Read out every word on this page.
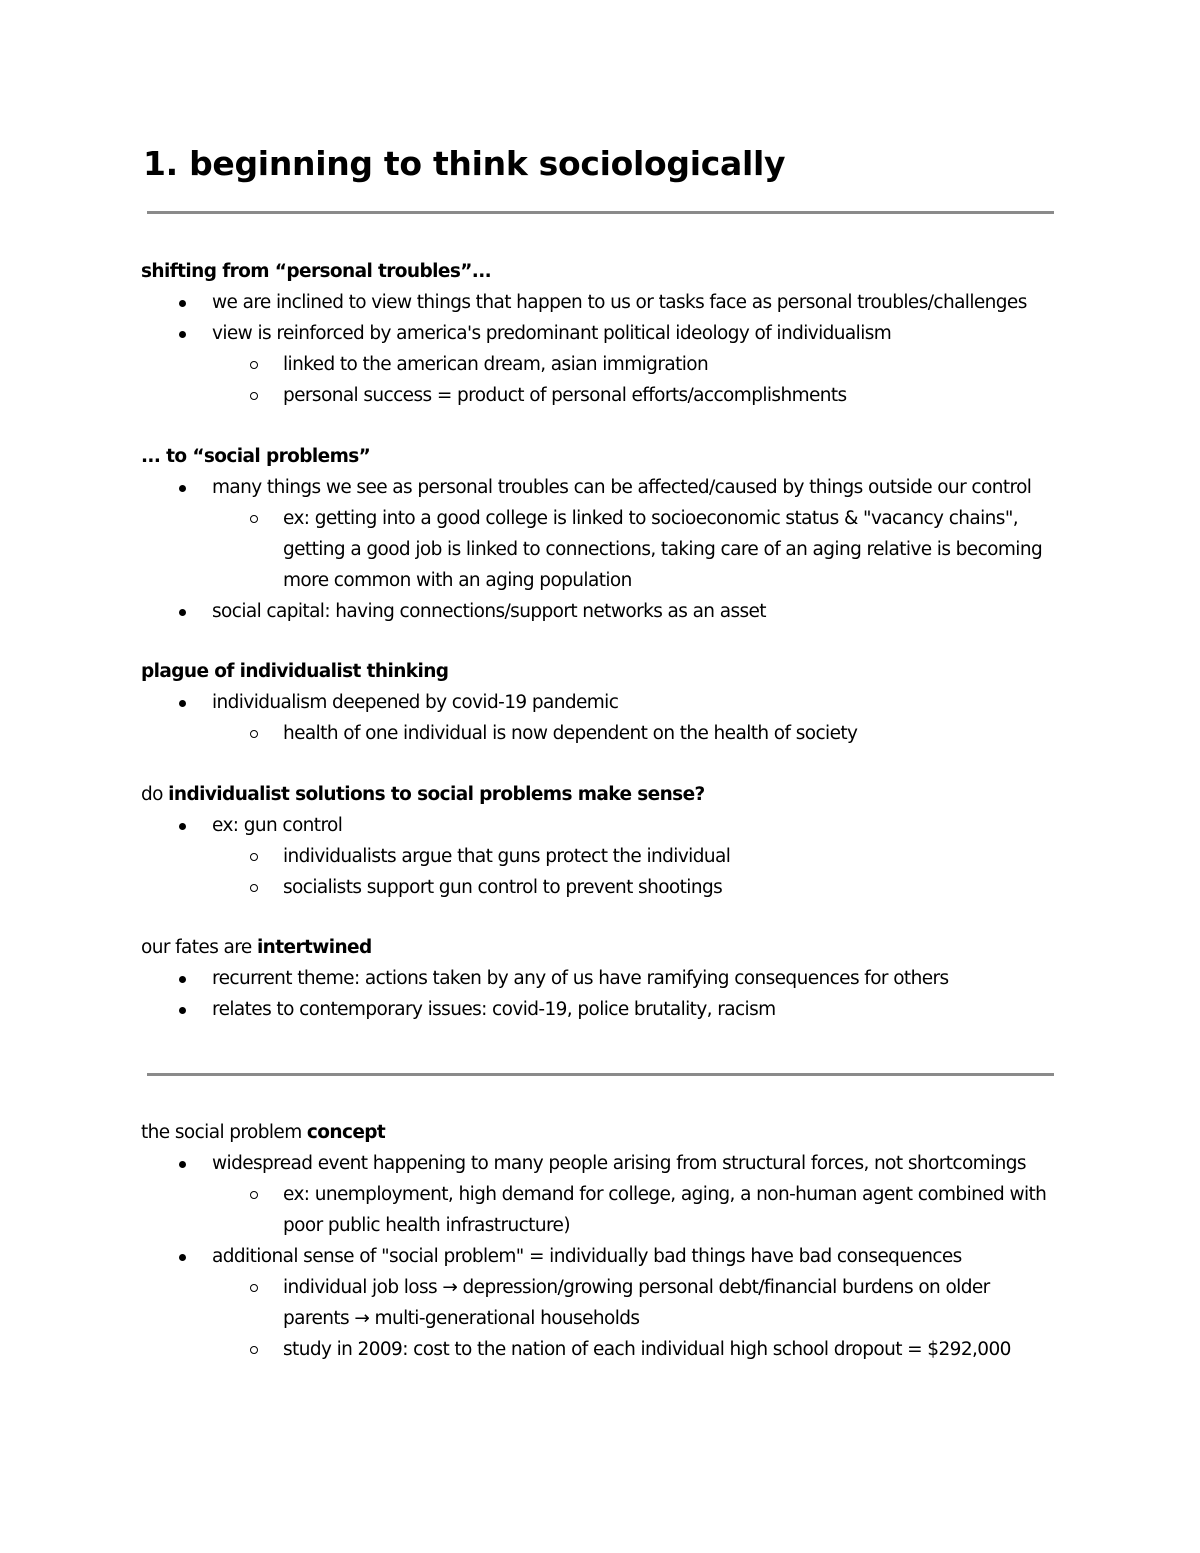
1. beginning to think sociologically
shifting from “personal troubles”...
we are inclined to view things that happen to us or tasks face as personal troubles/challenges
view is reinforced by america's predominant political ideology of individualism
linked to the american dream, asian immigration
personal success = product of personal efforts/accomplishments
... to “social problems”
many things we see as personal troubles can be affected/caused by things outside our control
ex: getting into a good college is linked to socioeconomic status & "vacancy chains", getting a good job is linked to connections, taking care of an aging relative is becoming more common with an aging population
social capital: having connections/support networks as an asset
plague of individualist thinking
individualism deepened by covid-19 pandemic
health of one individual is now dependent on the health of society
do individualist solutions to social problems make sense?
ex: gun control
individualists argue that guns protect the individual
socialists support gun control to prevent shootings
our fates are intertwined
recurrent theme: actions taken by any of us have ramifying consequences for others
relates to contemporary issues: covid-19, police brutality, racism
the social problem concept
widespread event happening to many people arising from structural forces, not shortcomings
ex: unemployment, high demand for college, aging, a non-human agent combined with poor public health infrastructure)
additional sense of "social problem" = individually bad things have bad consequences
individual job loss → depression/growing personal debt/financial burdens on older parents → multi-generational households
study in 2009: cost to the nation of each individual high school dropout = $292,000
